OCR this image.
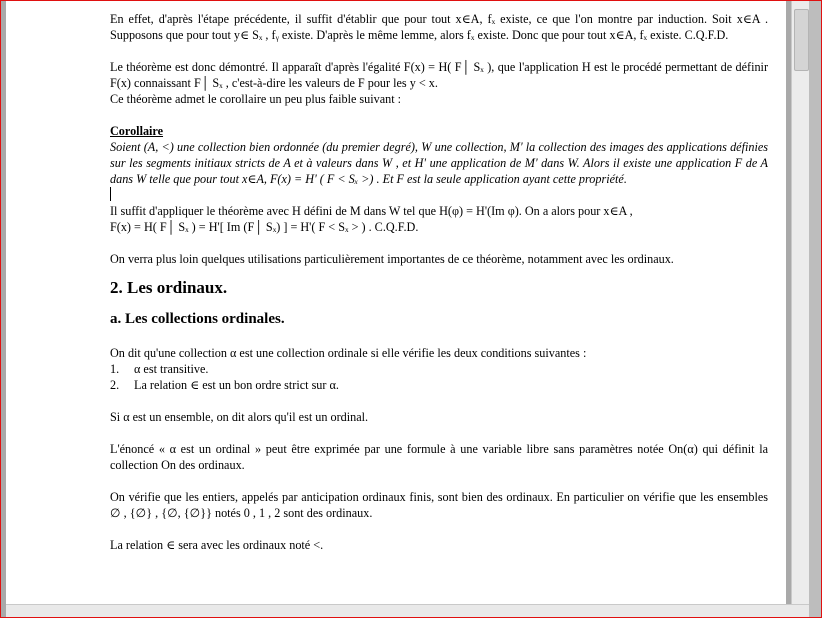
En effet, d'après l'étape précédente, il suffit d'établir que pour tout x∈A, fₓ existe, ce que l'on montre par induction. Soit x∈A . Supposons que pour tout y∈ Sₓ , fᵧ existe. D'après le même lemme, alors fₓ existe. Donc que pour tout x∈A, fₓ existe. C.Q.F.D.

Le théorème est donc démontré. Il apparaît d'après l'égalité F(x) = H( F│ Sₓ ), que l'application H est le procédé permettant de définir F(x) connaissant F│ Sₓ , c'est-à-dire les valeurs de F pour les y < x.

Ce théorème admet le corollaire un peu plus faible suivant :

Corollaire

Soient (A, <) une collection bien ordonnée (du premier degré), W une collection, M' la collection des images des applications définies sur les segments initiaux stricts de A et à valeurs dans W , et H' une application de M' dans W. Alors il existe une application F de A dans W telle que pour tout x∈A, F(x) = H' ( F < Sₓ >) . Et F est la seule application ayant cette propriété.

Il suffit d'appliquer le théorème avec H défini de M dans W tel que H(φ) = H'(Im φ). On a alors pour x∈A ,

F(x) = H( F│ Sₓ ) = H'[ Im (F│ Sₓ) ] = H'( F < Sₓ > ) . C.Q.F.D.

On verra plus loin quelques utilisations particulièrement importantes de ce théorème, notamment avec les ordinaux.

2. Les ordinaux.

a. Les collections ordinales.

On dit qu'une collection α est une collection ordinale si elle vérifie les deux conditions suivantes :

1.	α est transitive.
2.	La relation ∈ est un bon ordre strict sur α.

Si α est un ensemble, on dit alors qu'il est un ordinal.

L'énoncé « α est un ordinal » peut être exprimée par une formule à une variable libre sans paramètres notée On(α) qui définit la collection On des ordinaux.

On vérifie que les entiers, appelés par anticipation ordinaux finis, sont bien des ordinaux. En particulier on vérifie que les ensembles ∅ , {∅} , {∅, {∅}} notés 0 , 1 , 2 sont des ordinaux.

La relation ∈ sera avec les ordinaux noté <.
